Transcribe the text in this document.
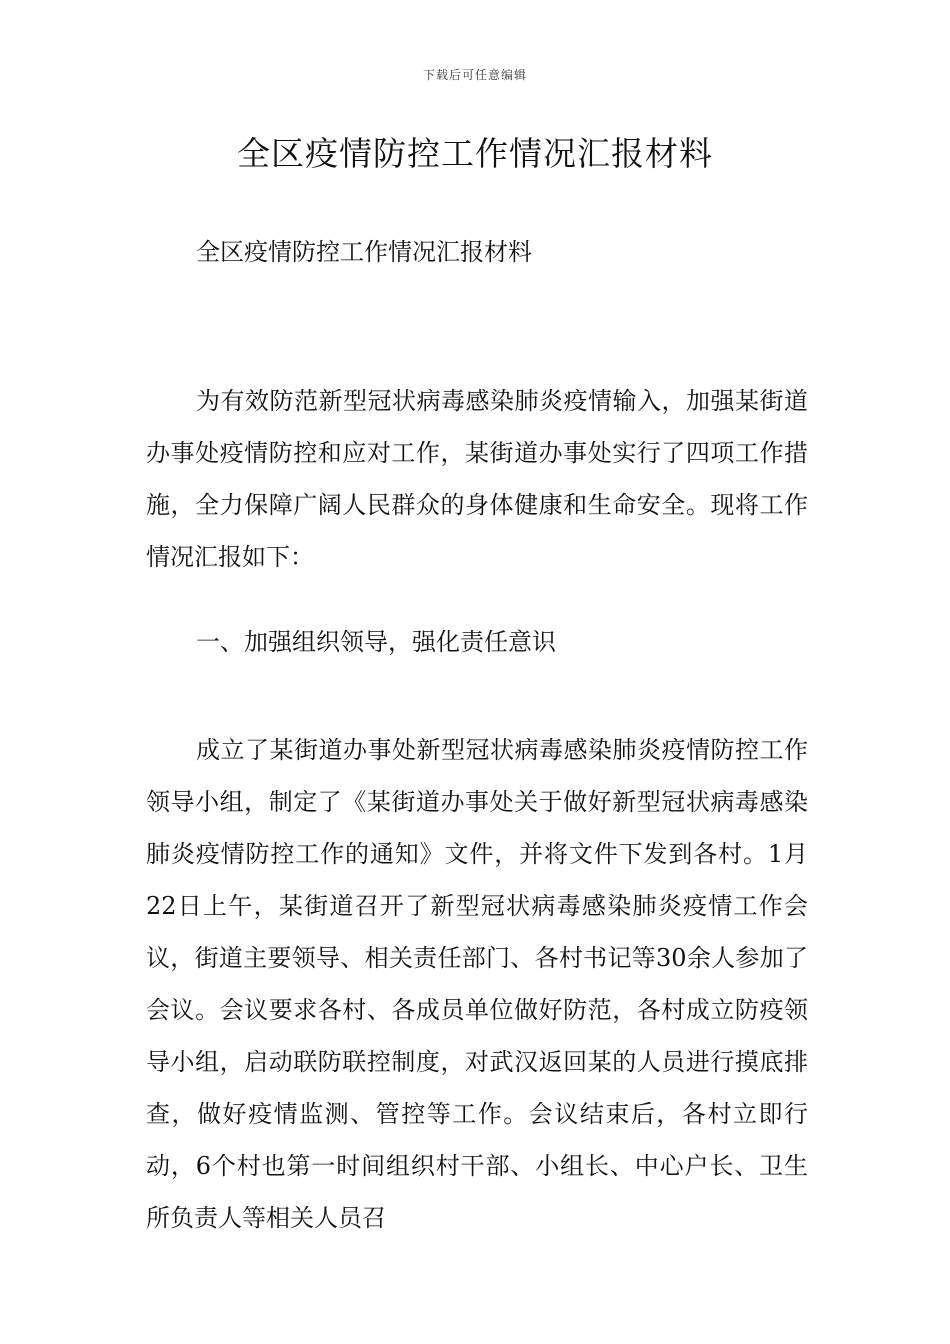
下载后可任意编辑
全区疫情防控工作情况汇报材料

全区疫情防控工作情况汇报材料

为有效防范新型冠状病毒感染肺炎疫情输入，加强某街道办事处疫情防控和应对工作，某街道办事处实行了四项工作措施，全力保障广阔人民群众的身体健康和生命安全。现将工作情况汇报如下：

一、加强组织领导，强化责任意识

成立了某街道办事处新型冠状病毒感染肺炎疫情防控工作领导小组，制定了《某街道办事处关于做好新型冠状病毒感染肺炎疫情防控工作的通知》文件，并将文件下发到各村。1月22日上午，某街道召开了新型冠状病毒感染肺炎疫情工作会议，街道主要领导、相关责任部门、各村书记等30余人参加了会议。会议要求各村、各成员单位做好防范，各村成立防疫领导小组，启动联防联控制度，对武汉返回某的人员进行摸底排查，做好疫情监测、管控等工作。会议结束后，各村立即行动，6个村也第一时间组织村干部、小组长、中心户长、卫生所负责人等相关人员召
